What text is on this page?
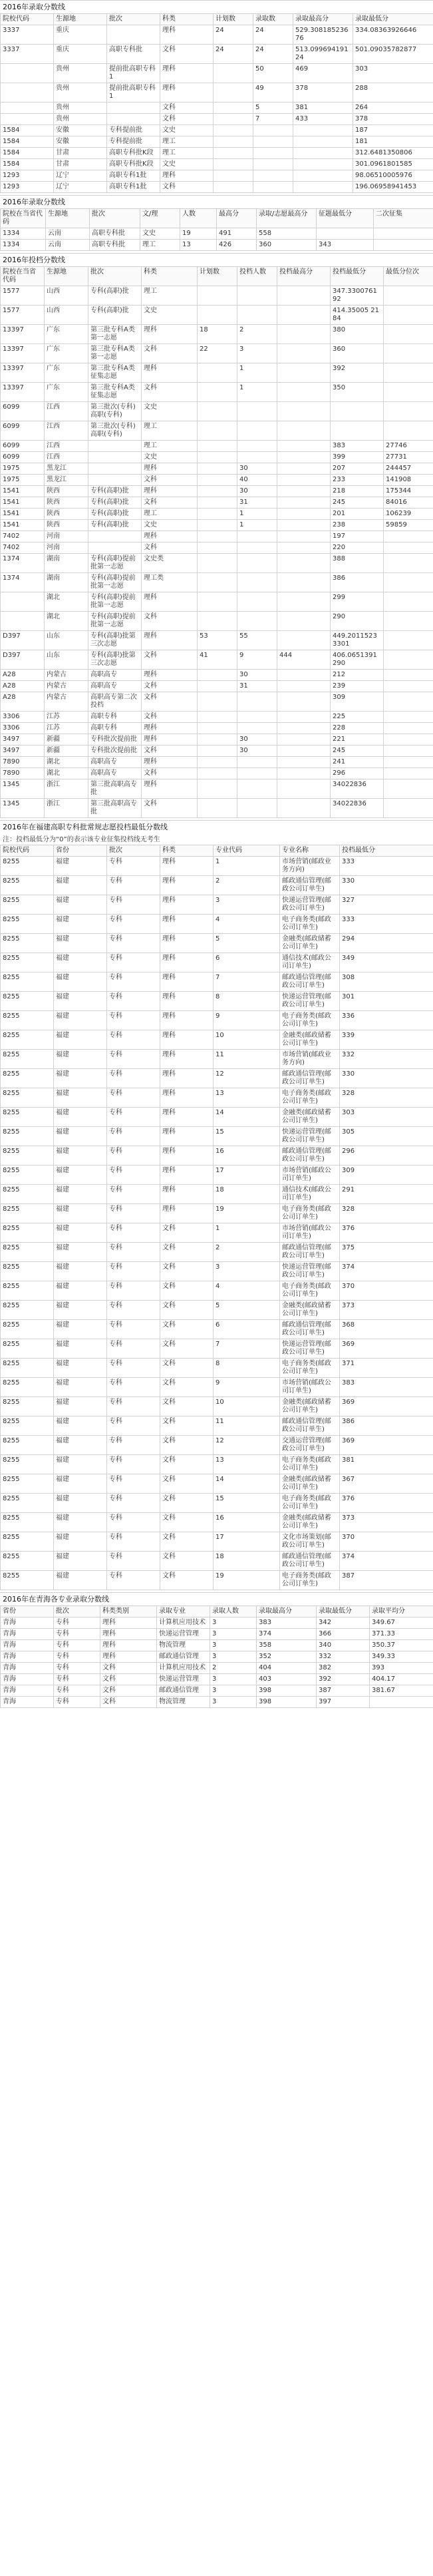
2016年录取分数线
院校代码	生源地	批次	科类	计划数	录取数	录取最高分	录取最低分
3337	重庆		理科	24	24	529.30818523676	334.08363926646
3337	重庆	高职专科批	文科	24	24	513.09969419124	501.09035782877
	贵州	提前批高职专科1	理科		50	469	303
	贵州	提前批高职专科1	理科		49	378	288
	贵州		文科		5	381	264
	贵州		文科		7	433	378
1584	安徽	专科提前批	文史				187
1584	安徽	专科提前批	理工				181
1584	甘肃	高职专科批K段	理工				312.6481350806
1584	甘肃	高职专科批K段	文史				301.0961801585
1293	辽宁	高职专科1批	理科				98.06510005976
1293	辽宁	高职专科1批	文科				196.06958941453
2016年录取分数线
院校在当省代码	生源地	批次	文/理	人数	最高分	录取/志愿最高分	征题最低分	二次征集
1334	云南	高职专科批	文史	19	491	558		
1334	云南	高职专科批	理工	13	426	360	343	
2016年投档分数线
院校在当省代码	生源地	批次	科类	计划数	投档人数	投档最高分	投档最低分	最低分位次
1577	山西	专科(高职)批	理工				347.3300761 92	
1577	山西	专科(高职)批	文史				414.35005 21 84	
13397	广东	第三批专科A类第一志愿	理科	18	2		380	
13397	广东	第三批专科A类第一志愿	文科	22	3		360	
13397	广东	第三批专科A类征集志愿	理科		1		392	
13397	广东	第三批专科A类征集志愿	文科		1		350	
6099	江西	第三批次(专科)高职(专科)	文史					
6099	江西	第三批次(专科)高职(专科)	理工					
6099	江西		理工				383	27746
6099	江西		文史				399	27731
1975	黑龙江		理科		30		207	244457
1975	黑龙江		文科		40		233	141908
1541	陕西	专科(高职)批	理科		30		218	175344
1541	陕西	专科(高职)批	文科		31		245	84016
1541	陕西	专科(高职)批	理工		1		201	106239
1541	陕西	专科(高职)批	文史		1		238	59859
7402	河南		理科				197	
7402	河南		文科				220	
1374	湖南	专科(高职)提前批第一志愿	文史类				388	
1374	湖南	专科(高职)提前批第一志愿	理工类				386	
	湖北	专科(高职)提前批第一志愿	理科				299	
	湖北	专科(高职)提前批第一志愿	文科				290	
D397	山东	专科(高职)批第三次志愿	理科	53	55		449.20115233301	
D397	山东	专科(高职)批第三次志愿	文科	41	9	444	406.0651391290	
A28	内蒙古	高职高专	理科		30		212	
A28	内蒙古	高职高专	文科		31		239	
A28	内蒙古	高职高专第二次投档	文科				309	
3306	江苏	高职专科	文科				225	
3306	江苏	高职专科	理科				228	
3497	新疆	专科批次提前批	理科		30		221	
3497	新疆	专科批次提前批	文科		30		245	
7890	湖北	高职高专	理科				241	
7890	湖北	高职高专	文科				296	
1345	浙江	第三批高职高专批	理科				34022836	
1345	浙江	第三批高职高专批	文科				34022836	
2016年在福建高职专科批常规志愿投档最低分数线
注：投档最低分为“0”的表示该专业征集投档线无考生
院校代码	省份	批次	科类	专业代码	专业名称	投档最低分
8255	福建	专科	理科	1	市场营销(邮政业务方向)	333
8255	福建	专科	理科	2	邮政通信管理(邮政公司订单生)	330
8255	福建	专科	理科	3	快递运营管理(邮政公司订单生)	327
8255	福建	专科	理科	4	电子商务类(邮政公司订单生)	333
8255	福建	专科	理科	5	金融类(邮政储蓄公司订单生)	294
8255	福建	专科	理科	6	通信技术(邮政公司订单生)	349
8255	福建	专科	理科	7	邮政通信管理(邮政公司订单生)	308
8255	福建	专科	理科	8	快递运营管理(邮政公司订单生)	301
8255	福建	专科	理科	9	电子商务类(邮政公司订单生)	336
8255	福建	专科	理科	10	金融类(邮政储蓄公司订单生)	339
8255	福建	专科	理科	11	市场营销(邮政业务方向)	332
8255	福建	专科	理科	12	邮政通信管理(邮政公司订单生)	330
8255	福建	专科	理科	13	电子商务类(邮政公司订单生)	328
8255	福建	专科	理科	14	金融类(邮政储蓄公司订单生)	303
8255	福建	专科	理科	15	快递运营管理(邮政公司订单生)	305
8255	福建	专科	理科	16	邮政通信管理(邮政公司订单生)	296
8255	福建	专科	理科	17	市场营销(邮政公司订单生)	309
8255	福建	专科	理科	18	通信技术(邮政公司订单生)	291
8255	福建	专科	理科	19	电子商务类(邮政公司订单生)	328
8255	福建	专科	文科	1	市场营销(邮政公司订单生)	376
8255	福建	专科	文科	2	邮政通信管理(邮政公司订单生)	375
8255	福建	专科	文科	3	快递运营管理(邮政公司订单生)	374
8255	福建	专科	文科	4	电子商务类(邮政公司订单生)	370
8255	福建	专科	文科	5	金融类(邮政储蓄公司订单生)	373
8255	福建	专科	文科	6	邮政通信管理(邮政公司订单生)	368
8255	福建	专科	文科	7	快递运营管理(邮政公司订单生)	369
8255	福建	专科	文科	8	电子商务类(邮政公司订单生)	371
8255	福建	专科	文科	9	市场营销(邮政公司订单生)	383
8255	福建	专科	文科	10	金融类(邮政储蓄公司订单生)	369
8255	福建	专科	文科	11	邮政通信管理(邮政公司订单生)	386
8255	福建	专科	文科	12	交通运营管理(邮政公司订单生)	369
8255	福建	专科	文科	13	电子商务类(邮政公司订单生)	381
8255	福建	专科	文科	14	金融类(邮政储蓄公司订单生)	367
8255	福建	专科	文科	15	电子商务类(邮政公司订单生)	376
8255	福建	专科	文科	16	金融类(邮政储蓄公司订单生)	373
8255	福建	专科	文科	17	文化市场策划(邮政公司订单生)	370
8255	福建	专科	文科	18	邮政通信管理(邮政公司订单生)	374
8255	福建	专科	文科	19	电子商务类(邮政公司订单生)	387
2016年在青海各专业录取分数线
省份	批次	科类类别	录取专业	录取人数	录取最高分	录取最低分	录取平均分
青海	专科	理科	计算机应用技术	3	383	342	349.67
青海	专科	理科	快递运营管理	3	374	366	371.33
青海	专科	理科	物流管理	3	358	340	350.37
青海	专科	理科	邮政通信管理	3	352	332	349.33
青海	专科	文科	计算机应用技术	2	404	382	393
青海	专科	文科	快递运营管理	3	403	392	404.17
青海	专科	文科	邮政通信管理	3	398	387	381.67
青海	专科	文科	物流管理	3	398	397	
